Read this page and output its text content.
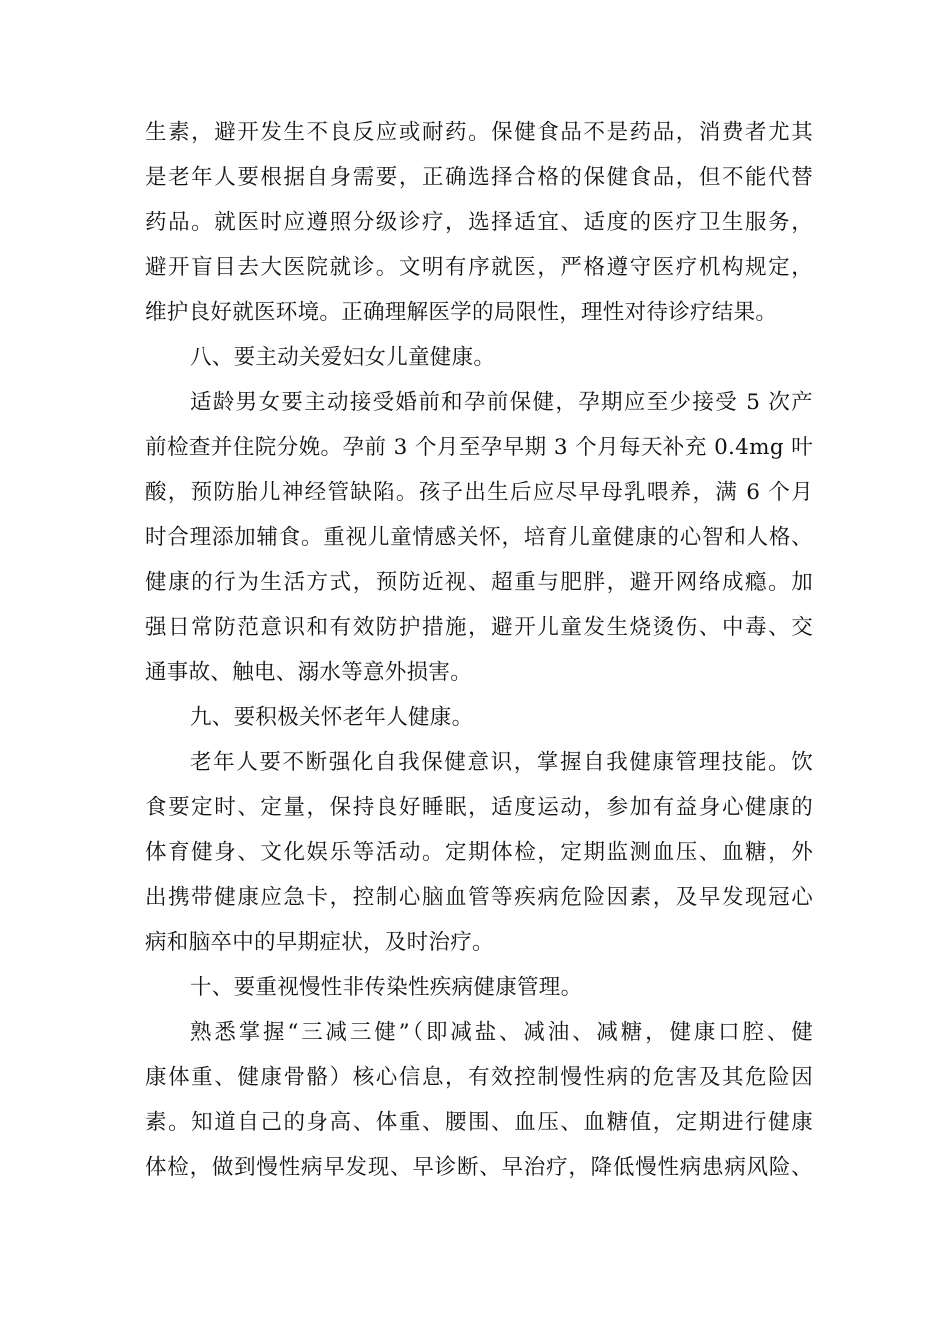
生素，避开发生不良反应或耐药。保健食品不是药品，消费者尤其
是老年人要根据自身需要，正确选择合格的保健食品，但不能代替
药品。就医时应遵照分级诊疗，选择适宜、适度的医疗卫生服务，
避开盲目去大医院就诊。文明有序就医，严格遵守医疗机构规定，
维护良好就医环境。正确理解医学的局限性，理性对待诊疗结果。
八、要主动关爱妇女儿童健康。
适龄男女要主动接受婚前和孕前保健，孕期应至少接受 5 次产
前检查并住院分娩。孕前 3 个月至孕早期 3 个月每天补充 0.4mg 叶
酸，预防胎儿神经管缺陷。孩子出生后应尽早母乳喂养，满 6 个月
时合理添加辅食。重视儿童情感关怀，培育儿童健康的心智和人格、
健康的行为生活方式，预防近视、超重与肥胖，避开网络成瘾。加
强日常防范意识和有效防护措施，避开儿童发生烧烫伤、中毒、交
通事故、触电、溺水等意外损害。
九、要积极关怀老年人健康。
老年人要不断强化自我保健意识，掌握自我健康管理技能。饮
食要定时、定量，保持良好睡眠，适度运动，参加有益身心健康的
体育健身、文化娱乐等活动。定期体检，定期监测血压、血糖，外
出携带健康应急卡，控制心脑血管等疾病危险因素，及早发现冠心
病和脑卒中的早期症状，及时治疗。
十、要重视慢性非传染性疾病健康管理。
熟悉掌握“三减三健”（即减盐、减油、减糖，健康口腔、健
康体重、健康骨骼）核心信息，有效控制慢性病的危害及其危险因
素。知道自己的身高、体重、腰围、血压、血糖值，定期进行健康
体检，做到慢性病早发现、早诊断、早治疗，降低慢性病患病风险、
